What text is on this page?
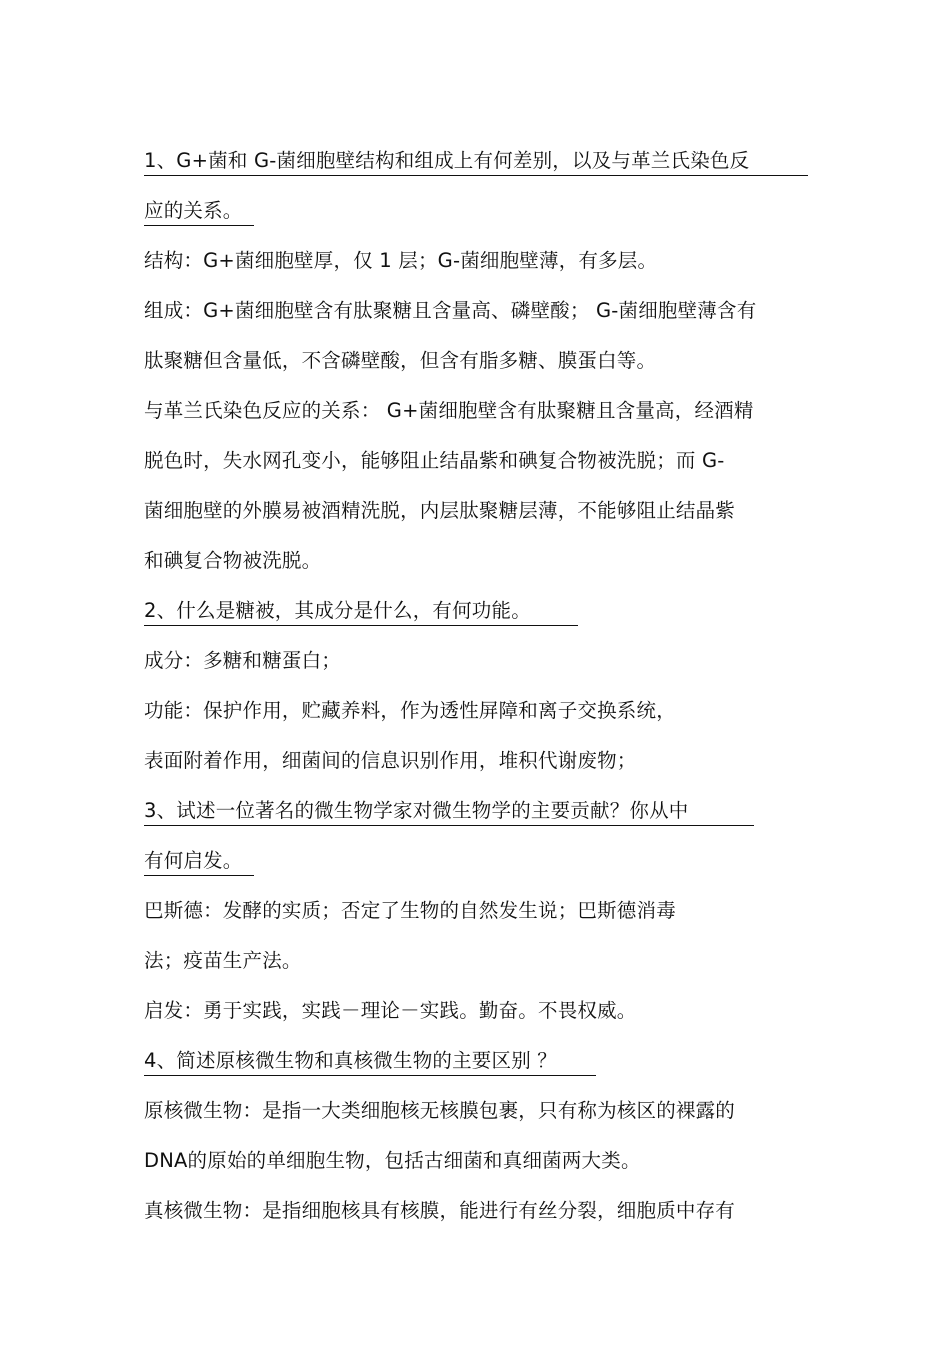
1、G+菌和 G-菌细胞壁结构和组成上有何差别，以及与革兰氏染色反
应的关系。
结构：G+菌细胞壁厚，仅 1 层；G-菌细胞壁薄，有多层。
组成：G+菌细胞壁含有肽聚糖且含量高、磷壁酸； G-菌细胞壁薄含有
肽聚糖但含量低，不含磷壁酸，但含有脂多糖、膜蛋白等。
与革兰氏染色反应的关系： G+菌细胞壁含有肽聚糖且含量高，经酒精
脱色时，失水网孔变小，能够阻止结晶紫和碘复合物被洗脱；而 G-
菌细胞壁的外膜易被酒精洗脱，内层肽聚糖层薄，不能够阻止结晶紫
和碘复合物被洗脱。
2、什么是糖被，其成分是什么，有何功能。
成分：多糖和糖蛋白；
功能：保护作用，贮藏养料，作为透性屏障和离子交换系统，
表面附着作用，细菌间的信息识别作用，堆积代谢废物；
3、试述一位著名的微生物学家对微生物学的主要贡献？你从中
有何启发。
巴斯德：发酵的实质；否定了生物的自然发生说；巴斯德消毒
法；疫苗生产法。
启发：勇于实践，实践－理论－实践。勤奋。不畏权威。
4、简述原核微生物和真核微生物的主要区别 ？
原核微生物：是指一大类细胞核无核膜包裹，只有称为核区的裸露的
DNA的原始的单细胞生物，包括古细菌和真细菌两大类。
真核微生物：是指细胞核具有核膜，能进行有丝分裂，细胞质中存有
